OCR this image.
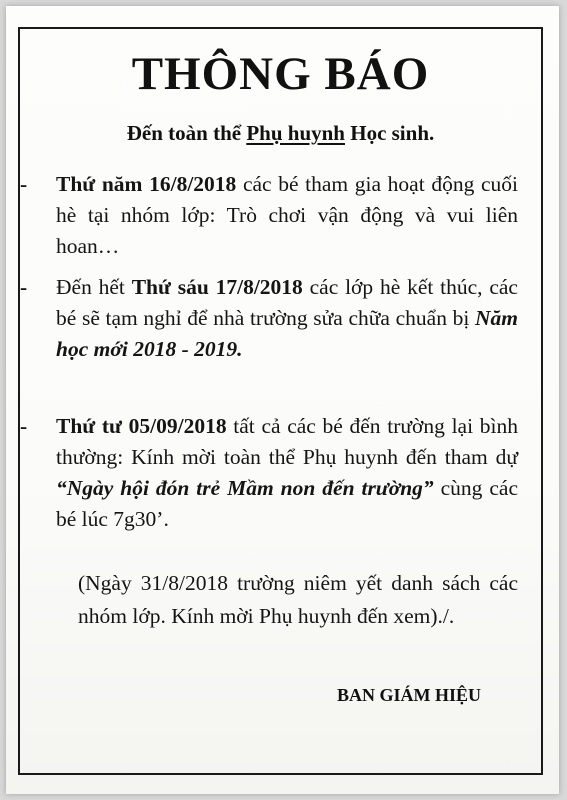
THÔNG BÁO
Đến toàn thể Phụ huynh Học sinh.
-	Thứ năm 16/8/2018 các bé tham gia hoạt động cuối hè tại nhóm lớp: Trò chơi vận động và vui liên hoan…
-	Đến hết Thứ sáu 17/8/2018 các lớp hè kết thúc, các bé sẽ tạm nghỉ để nhà trường sửa chữa chuẩn bị Năm học mới 2018 - 2019.
-	Thứ tư 05/09/2018 tất cả các bé đến trường lại bình thường: Kính mời toàn thể Phụ huynh đến tham dự “Ngày hội đón trẻ Mầm non đến trường” cùng các bé lúc 7g30’.
(Ngày 31/8/2018 trường niêm yết danh sách các nhóm lớp. Kính mời Phụ huynh đến xem)./.
BAN GIÁM HIỆU
